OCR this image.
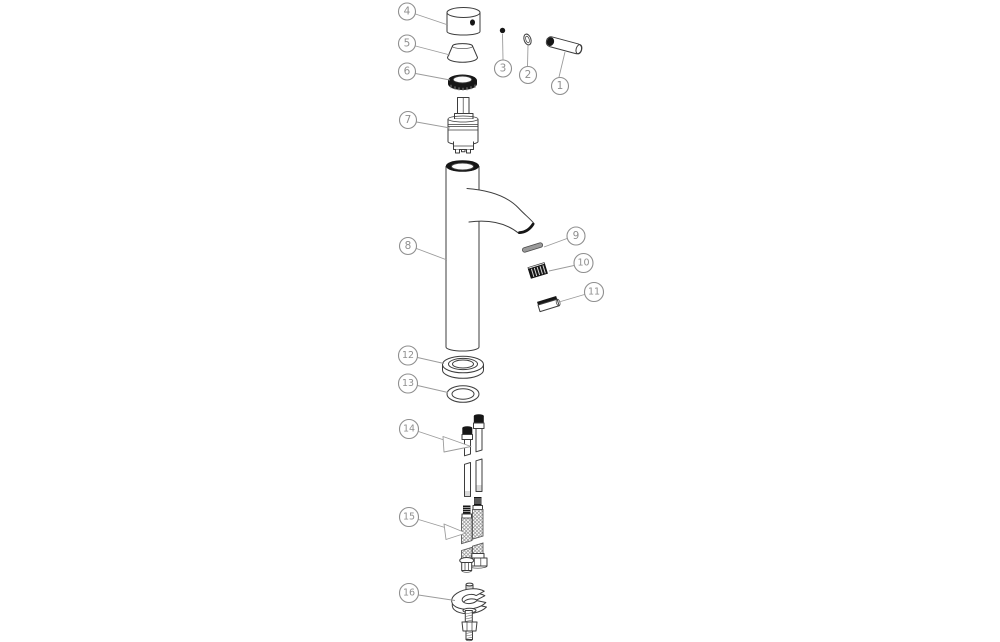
1
2
3
4
5
6
7
8
9
10
11
12
13
14
15
16
